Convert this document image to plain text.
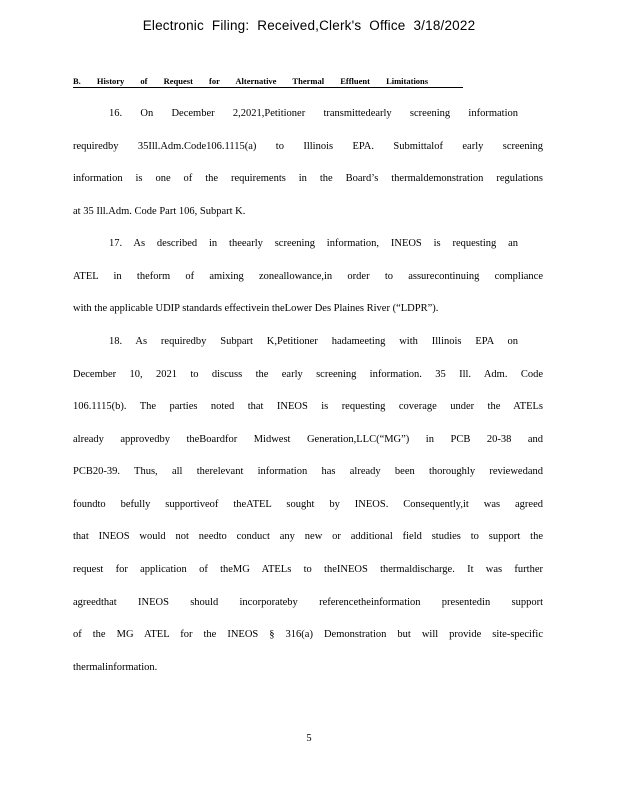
Electronic Filing: Received,Clerk's Office 3/18/2022
B. History of Request for Alternative Thermal Effluent Limitations
16. On December 2,2021,Petitioner transmittedearly screening information
requiredby 35Ill.Adm.Code106.1115(a) to Illinois EPA. Submittalof early screening
information is one of the requirements in the Board’s thermaldemonstration regulations
at 35 Ill.Adm. Code Part 106, Subpart K.
17. As described in theearly screening information, INEOS is requesting an
ATEL in theform of amixing zoneallowance,in order to assurecontinuing compliance
with the applicable UDIP standards effectivein theLower Des Plaines River (“LDPR”).
18. As requiredby Subpart K,Petitioner hadameeting with Illinois EPA on
December 10, 2021 to discuss the early screening information. 35 Ill. Adm. Code
106.1115(b). The parties noted that INEOS is requesting coverage under the ATELs
already approvedby theBoardfor Midwest Generation,LLC(“MG”) in PCB 20-38 and
PCB20-39. Thus, all therelevant information has already been thoroughly reviewedand
foundto befully supportiveof theATEL sought by INEOS. Consequently,it was agreed
that INEOS would not needto conduct any new or additional field studies to support the
request for application of theMG ATELs to theINEOS thermaldischarge. It was further
agreedthat INEOS should incorporateby referencetheinformation presentedin support
of the MG ATEL for the INEOS § 316(a) Demonstration but will provide site-specific
thermalinformation.
5
